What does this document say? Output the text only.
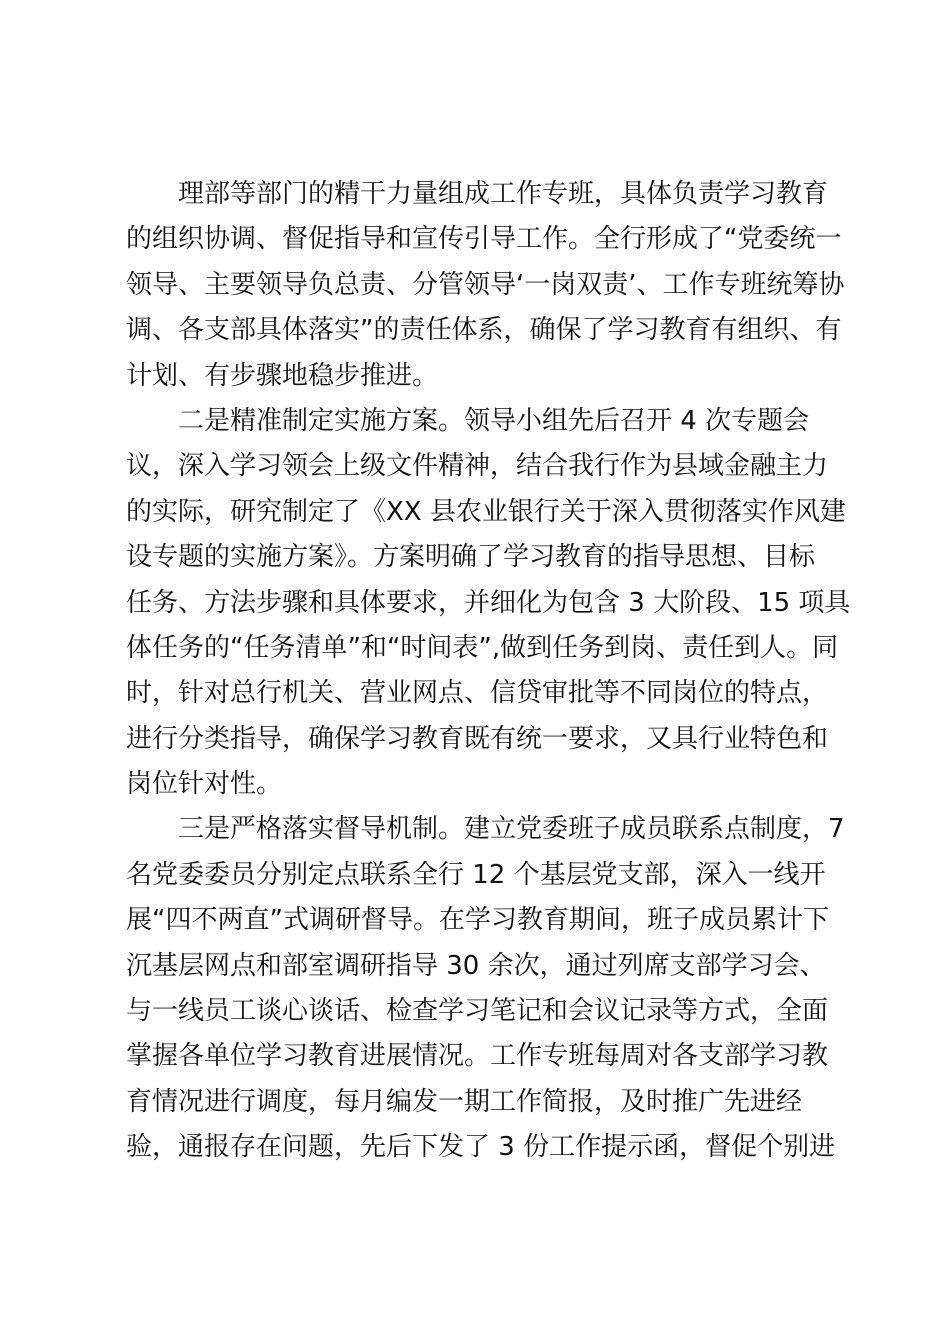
理部等部门的精干力量组成工作专班，具体负责学习教育
的组织协调、督促指导和宣传引导工作。全行形成了“党委统一
领导、主要领导负总责、分管领导‘一岗双责’、工作专班统筹协
调、各支部具体落实”的责任体系，确保了学习教育有组织、有
计划、有步骤地稳步推进。
二是精准制定实施方案。领导小组先后召开 4 次专题会
议，深入学习领会上级文件精神，结合我行作为县域金融主力
的实际，研究制定了《XX 县农业银行关于深入贯彻落实作风建
设专题的实施方案》。方案明确了学习教育的指导思想、目标
任务、方法步骤和具体要求，并细化为包含 3 大阶段、15 项具
体任务的“任务清单”和“时间表”,做到任务到岗、责任到人。同
时，针对总行机关、营业网点、信贷审批等不同岗位的特点，
进行分类指导，确保学习教育既有统一要求，又具行业特色和
岗位针对性。
三是严格落实督导机制。建立党委班子成员联系点制度，7
名党委委员分别定点联系全行 12 个基层党支部，深入一线开
展“四不两直”式调研督导。在学习教育期间，班子成员累计下
沉基层网点和部室调研指导 30 余次，通过列席支部学习会、
与一线员工谈心谈话、检查学习笔记和会议记录等方式，全面
掌握各单位学习教育进展情况。工作专班每周对各支部学习教
育情况进行调度，每月编发一期工作简报，及时推广先进经
验，通报存在问题，先后下发了 3 份工作提示函，督促个别进
